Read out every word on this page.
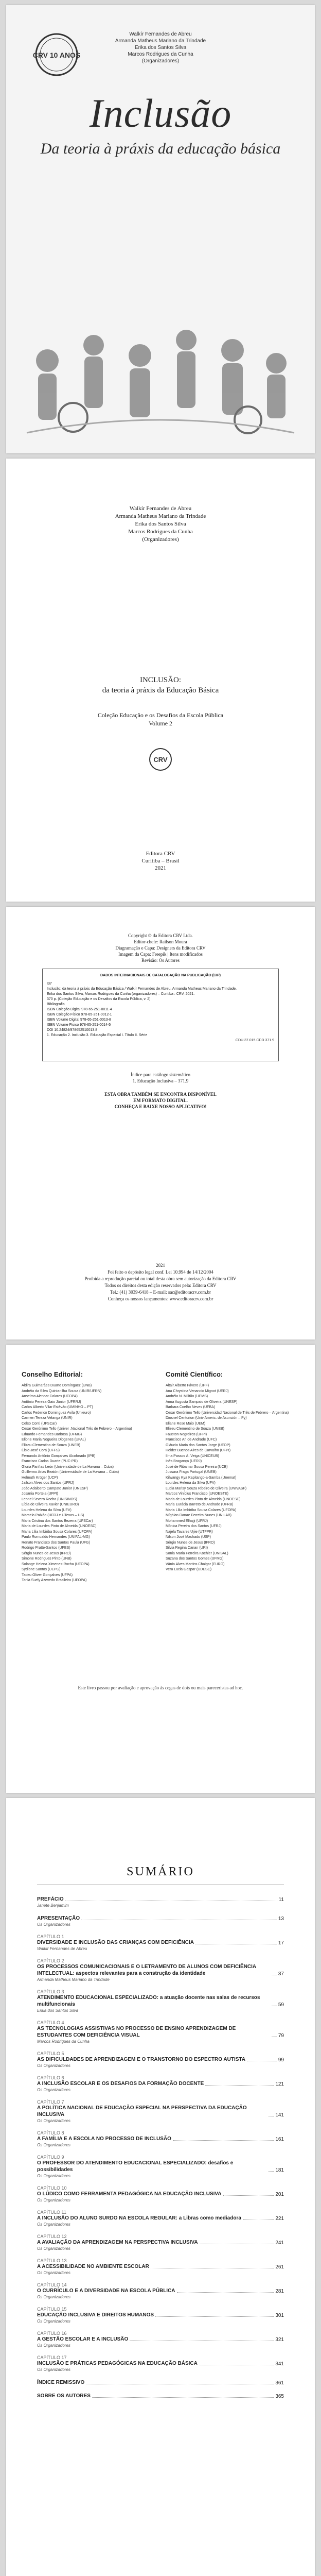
CRV 10 ANOS
Walkír Fernandes de Abreu
Armanda Matheus Mariano da Trindade
Erika dos Santos Silva
Marcos Rodrigues da Cunha
(Organizadores)
Inclusão
Da teoria à práxis da educação básica
Walkír Fernandes de Abreu
Armanda Matheus Mariano da Trindade
Erika dos Santos Silva
Marcos Rodrigues da Cunha
(Organizadores)
INCLUSÃO:
da teoria à práxis da Educação Básica
Coleção Educação e os Desafios da Escola Pública
Volume 2
CRV
Editora CRV
Curitiba – Brasil
2021
Copyright © da Editora CRV Ltda.
Editor-chefe: Railson Moura
Diagramação e Capa: Designers da Editora CRV
Imagem da Capa: Freepik | Itens modificados
Revisão: Os Autores
DADOS INTERNACIONAIS DE CATALOGAÇÃO NA PUBLICAÇÃO (CIP)
I37
Inclusão: da teoria à práxis da Educação Básica / Walkír Fernandes de Abreu, Armanda Matheus Mariano da Trindade,
Erika dos Santos Silva, Marcos Rodrigues da Cunha (organizadores) – Curitiba : CRV, 2021.
370 p. (Coleção Educação e os Desafios da Escola Pública, v. 2)
Bibliografia
ISBN Coleção Digital 978-65-251-0011-4
ISBN Coleção Físico 978-65-251-0012-1
ISBN Volume Digital 978-65-251-0013-8
ISBN Volume Físico 978-65-251-0014-5
DOI 10.24824/978652510013.8
1. Educação 2. Inclusão 3. Educação Especial I. Título II. Série
CDU 37.015 CDD 371.9
Índice para catálogo sistemático
1. Educação Inclusiva – 371.9
ESTA OBRA TAMBÉM SE ENCONTRA DISPONÍVEL
EM FORMATO DIGITAL.
CONHEÇA E BAIXE NOSSO APLICATIVO!
2021
Foi feito o depósito legal conf. Lei 10.994 de 14/12/2004
Proibida a reprodução parcial ou total desta obra sem autorização da Editora CRV
Todos os direitos desta edição reservados pela: Editora CRV
Tel.: (41) 3039-6418 – E-mail: sac@editoracrv.com.br
Conheça os nossos lançamentos: www.editoracrv.com.br
Conselho Editorial:
Aldira Guimarães Duarte Domínguez (UNB)
Andréia da Silva Quintanilha Sousa (UNIR/UFRN)
Anselmo Alencar Colares (UFOPA)
Antônio Pereira Gaio Júnior (UFRRJ)
Carlos Alberto Vilar Estêvão (UMINHO – PT)
Carlos Federico Dominguez Avila (Unieuro)
Carmen Tereza Velanga (UNIR)
Celso Conti (UFSCar)
Cesar Gerónimo Tello (Univer .Nacional Três de Febrero – Argentina)
Eduardo Fernandes Barbosa (UFMG)
Elione Maria Nogueira Diogenes (UFAL)
Elizeu Clementino de Souza (UNEB)
Élsio José Corá (UFFS)
Fernando Antônio Gonçalves Alcoforado (IPB)
Francisco Carlos Duarte (PUC-PR)
Gloria Fariñas León (Universidade de La Havana – Cuba)
Guillermo Arias Beatón (Universidade de La Havana – Cuba)
Helmuth Krüger (UCP)
Jailson Alves dos Santos (UFRJ)
João Adalberto Campato Junior (UNESP)
Josania Portela (UFPI)
Leonel Severo Rocha (UNISINOS)
Lídia de Oliveira Xavier (UNIEURO)
Lourdes Helena da Silva (UFV)
Marcelo Paixão (UFRJ e UTexas – US)
Maria Cristina dos Santos Bezerra (UFSCar)
Maria de Lourdes Pinto de Almeida (UNOESC)
Maria Lília Imbiriba Sousa Colares (UFOPA)
Paulo Romualdo Hernandes (UNIFAL-MG)
Renato Francisco dos Santos Paula (UFG)
Rodrigo Pratte-Santos (UFES)
Sérgio Nunes de Jesus (IFRO)
Simone Rodrigues Pinto (UNB)
Solange Helena Ximenes-Rocha (UFOPA)
Sydione Santos (UEPG)
Tadeu Oliver Gonçalves (UFPA)
Tania Suely Azevedo Brasileiro (UFOPA)
Comitê Científico:
Altair Alberto Fávero (UPF)
Ana Chrystina Venancio Mignot (UERJ)
Andréia N. Militão (UEMS)
Anna Augusta Sampaio de Oliveira (UNESP)
Barbara Coelho Neves (UFBA)
Cesar Gerónimo Tello (Universidad Nacional de Três de Febrero – Argentina)
Diosnel Centurion (Univ Americ. de Asunción – Py)
Eliane Rose Maio (UEM)
Elizeu Clementino de Souza (UNEB)
Fauston Negreiros (UFPI)
Francisco Ari de Andrade (UFC)
Gláucia Maria dos Santos Jorge (UFOP)
Helder Buenos Aires de Carvalho (UFPI)
Ilma Passos A. Veiga (UNICEUB)
Inês Bragança (UERJ)
José de Ribamar Sousa Pereira (UCB)
Jussara Fraga Portugal (UNEB)
Kilwangy Kya Kapitango-a-Samba (Unemat)
Lourdes Helena da Silva (UFV)
Lucia Marisy Souza Ribeiro de Oliveira (UNIVASF)
Marcos Vinícius Francisco (UNOESTE)
Maria de Lourdes Pinto de Almeida (UNOESC)
Maria Eurácia Barreto de Andrade (UFRB)
Maria Lília Imbiriba Sousa Colares (UFOPA)
Míghian Danae Ferreira Nunes (UNILAB)
Mohammed Elhajji (UFRJ)
Mônica Pereira dos Santos (UFRJ)
Najela Tavares Ujiie (UTFPR)
Nilson José Machado (USP)
Sérgio Nunes de Jesus (IFRO)
Silvia Regina Canan (URI)
Sonia Maria Ferreira Koehler (UNISAL)
Suzana dos Santos Gomes (UFMG)
Vânia Alves Martins Chaigar (FURG)
Vera Lucia Gaspar (UDESC)
Este livro passou por avaliação e aprovação às cegas de dois ou mais pareceristas ad hoc.
SUMÁRIO
PREFÁCIO	11
Janete Benjamim
APRESENTAÇÃO	13
Os Organizadores
CAPÍTULO 1
DIVERSIDADE E INCLUSÃO DAS CRIANÇAS COM DEFICIÊNCIA	17
Walkír Fernandes de Abreu
CAPÍTULO 2
OS PROCESSOS COMUNICACIONAIS E O LETRAMENTO DE ALUNOS COM DEFICIÊNCIA INTELECTUAL: aspectos relevantes para a construção da identidade	37
Armanda Matheus Mariano da Trindade
CAPÍTULO 3
ATENDIMENTO EDUCACIONAL ESPECIALIZADO: a atuação docente nas salas de recursos multifuncionais	59
Erika dos Santos Silva
CAPÍTULO 4
AS TECNOLOGIAS ASSISTIVAS NO PROCESSO DE ENSINO APRENDIZAGEM DE ESTUDANTES COM DEFICIÊNCIA VISUAL	79
Marcos Rodrigues da Cunha
CAPÍTULO 5
AS DIFICULDADES DE APRENDIZAGEM E O TRANSTORNO DO ESPECTRO AUTISTA	99
Os Organizadores
CAPÍTULO 6
A INCLUSÃO ESCOLAR E OS DESAFIOS DA FORMAÇÃO DOCENTE	121
Os Organizadores
CAPÍTULO 7
A POLÍTICA NACIONAL DE EDUCAÇÃO ESPECIAL NA PERSPECTIVA DA EDUCAÇÃO INCLUSIVA	141
Os Organizadores
CAPÍTULO 8
A FAMÍLIA E A ESCOLA NO PROCESSO DE INCLUSÃO	161
Os Organizadores
CAPÍTULO 9
O PROFESSOR DO ATENDIMENTO EDUCACIONAL ESPECIALIZADO: desafios e possibilidades	181
Os Organizadores
CAPÍTULO 10
O LÚDICO COMO FERRAMENTA PEDAGÓGICA NA EDUCAÇÃO INCLUSIVA	201
Os Organizadores
CAPÍTULO 11
A INCLUSÃO DO ALUNO SURDO NA ESCOLA REGULAR: a Libras como mediadora	221
Os Organizadores
CAPÍTULO 12
A AVALIAÇÃO DA APRENDIZAGEM NA PERSPECTIVA INCLUSIVA	241
Os Organizadores
CAPÍTULO 13
A ACESSIBILIDADE NO AMBIENTE ESCOLAR	261
Os Organizadores
CAPÍTULO 14
O CURRÍCULO E A DIVERSIDADE NA ESCOLA PÚBLICA	281
Os Organizadores
CAPÍTULO 15
EDUCAÇÃO INCLUSIVA E DIREITOS HUMANOS	301
Os Organizadores
CAPÍTULO 16
A GESTÃO ESCOLAR E A INCLUSÃO	321
Os Organizadores
CAPÍTULO 17
INCLUSÃO E PRÁTICAS PEDAGÓGICAS NA EDUCAÇÃO BÁSICA	341
Os Organizadores
ÍNDICE REMISSIVO	361
SOBRE OS AUTORES	365
